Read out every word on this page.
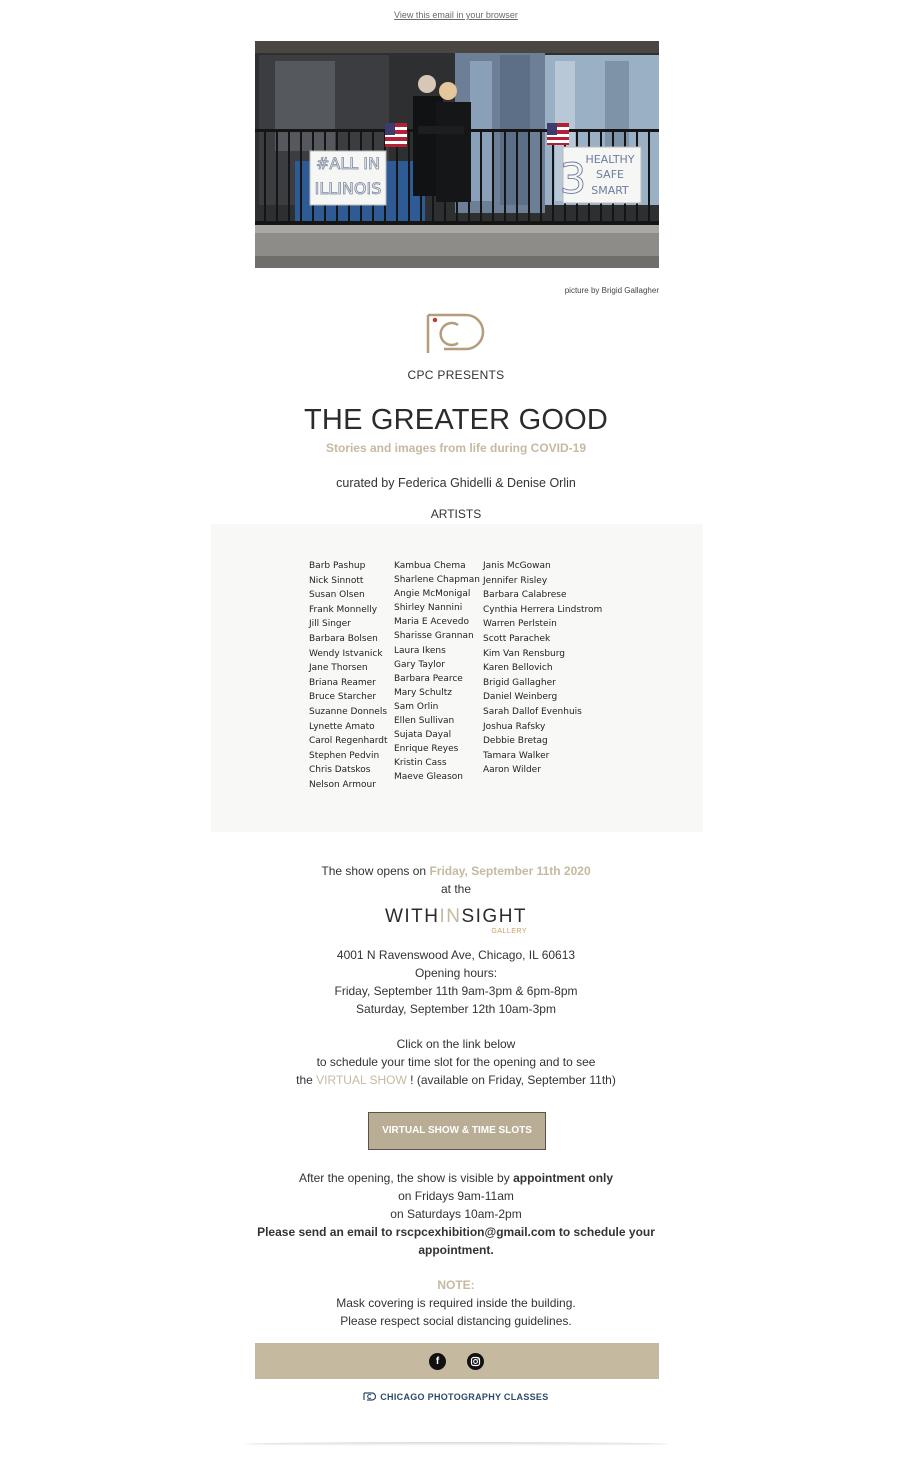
View this email in your browser
#ALL IN
ILLINOIS	3 HEALTHY
SAFE
SMART
picture by Brigid Gallagher
CPC PRESENTS
THE GREATER GOOD
Stories and images from life during COVID-19
curated by Federica Ghidelli & Denise Orlin
ARTISTS
Barb Pashup
Nick Sinnott
Susan Olsen
Frank Monnelly
Jill Singer
Barbara Bolsen
Wendy Istvanick
Jane Thorsen
Briana Reamer
Bruce Starcher
Suzanne Donnels
Lynette Amato
Carol Regenhardt
Stephen Pedvin
Chris Datskos
Nelson Armour
Kambua Chema
Sharlene Chapman
Angie McMonigal
Shirley Nannini
Maria E Acevedo
Sharisse Grannan
Laura Ikens
Gary Taylor
Barbara Pearce
Mary Schultz
Sam Orlin
Ellen Sullivan
Sujata Dayal
Enrique Reyes
Kristin Cass
Maeve Gleason
Janis McGowan
Jennifer Risley
Barbara Calabrese
Cynthia Herrera Lindstrom
Warren Perlstein
Scott Parachek
Kim Van Rensburg
Karen Bellovich
Brigid Gallagher
Daniel Weinberg
Sarah Dallof Evenhuis
Joshua Rafsky
Debbie Bretag
Tamara Walker
Aaron Wilder
The show opens on Friday, September 11th 2020
at the
WITHINSIGHT
GALLERY
4001 N Ravenswood Ave, Chicago, IL 60613
Opening hours:
Friday, September 11th 9am-3pm & 6pm-8pm
Saturday, September 12th 10am-3pm
Click on the link below
to schedule your time slot for the opening and to see
the VIRTUAL SHOW ! (available on Friday, September 11th)
VIRTUAL SHOW & TIME SLOTS
After the opening, the show is visible by appointment only
on Fridays 9am-11am
on Saturdays 10am-2pm
Please send an email to rscpcexhibition@gmail.com to schedule your
appointment.
NOTE:
Mask covering is required inside the building.
Please respect social distancing guidelines.
f
CHICAGO PHOTOGRAPHY CLASSES
